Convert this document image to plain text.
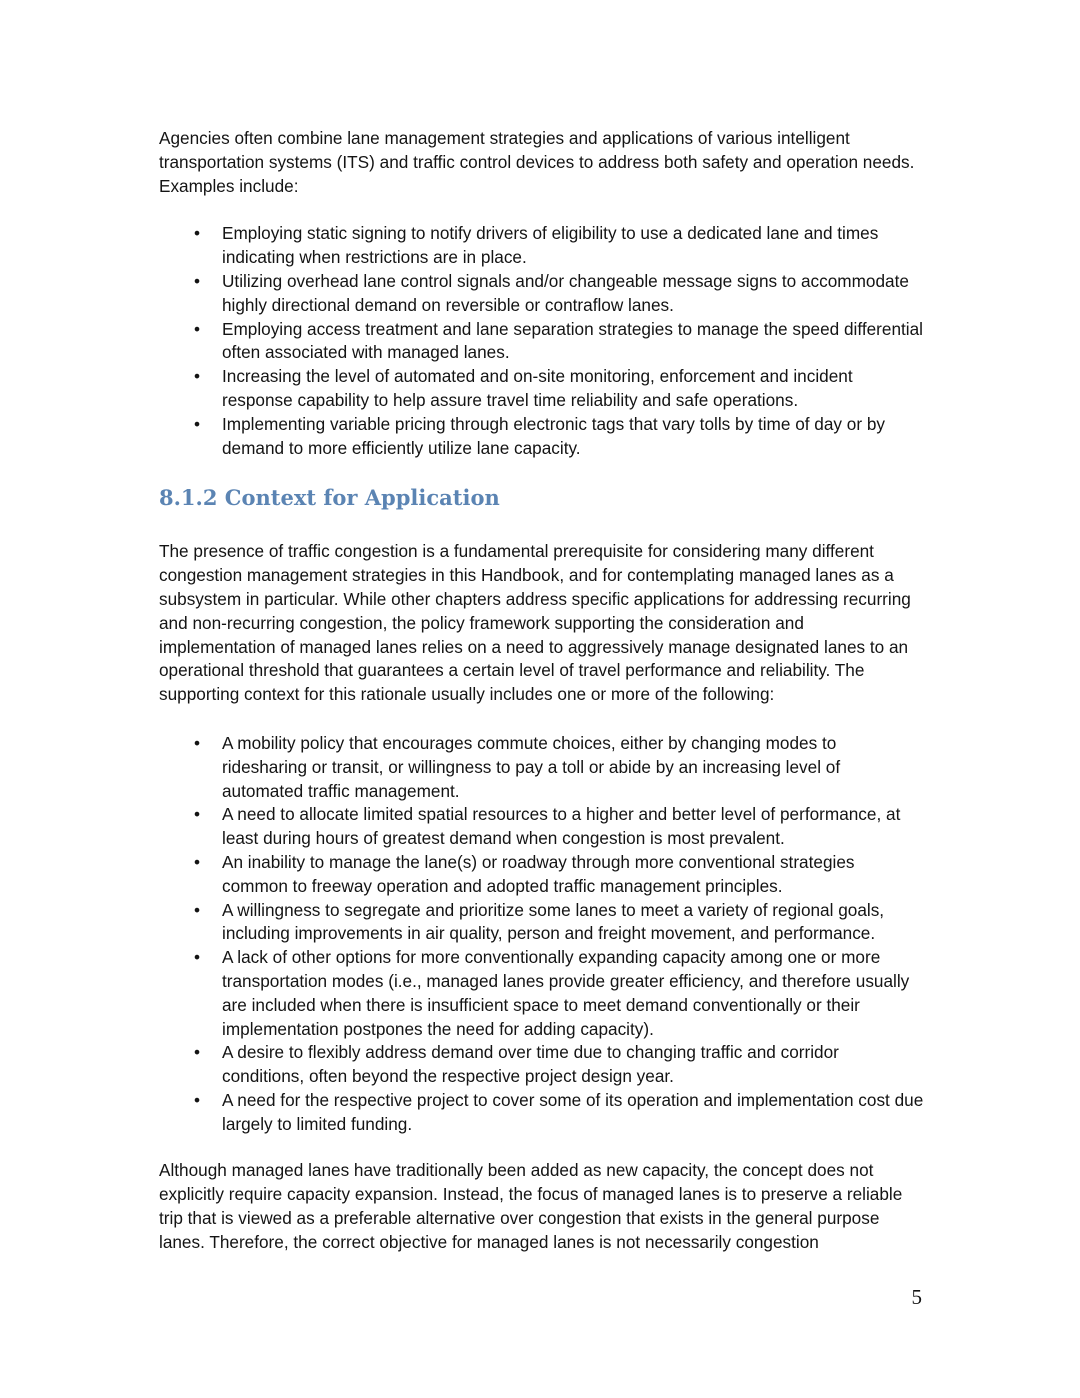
Agencies often combine lane management strategies and applications of various intelligent transportation systems (ITS) and traffic control devices to address both safety and operation needs. Examples include:

• Employing static signing to notify drivers of eligibility to use a dedicated lane and times indicating when restrictions are in place.
• Utilizing overhead lane control signals and/or changeable message signs to accommodate highly directional demand on reversible or contraflow lanes.
• Employing access treatment and lane separation strategies to manage the speed differential often associated with managed lanes.
• Increasing the level of automated and on-site monitoring, enforcement and incident response capability to help assure travel time reliability and safe operations.
• Implementing variable pricing through electronic tags that vary tolls by time of day or by demand to more efficiently utilize lane capacity.
8.1.2 Context for Application

The presence of traffic congestion is a fundamental prerequisite for considering many different congestion management strategies in this Handbook, and for contemplating managed lanes as a subsystem in particular. While other chapters address specific applications for addressing recurring and non-recurring congestion, the policy framework supporting the consideration and implementation of managed lanes relies on a need to aggressively manage designated lanes to an operational threshold that guarantees a certain level of travel performance and reliability. The supporting context for this rationale usually includes one or more of the following:

• A mobility policy that encourages commute choices, either by changing modes to ridesharing or transit, or willingness to pay a toll or abide by an increasing level of automated traffic management.
• A need to allocate limited spatial resources to a higher and better level of performance, at least during hours of greatest demand when congestion is most prevalent.
• An inability to manage the lane(s) or roadway through more conventional strategies common to freeway operation and adopted traffic management principles.
• A willingness to segregate and prioritize some lanes to meet a variety of regional goals, including improvements in air quality, person and freight movement, and performance.
• A lack of other options for more conventionally expanding capacity among one or more transportation modes (i.e., managed lanes provide greater efficiency, and therefore usually are included when there is insufficient space to meet demand conventionally or their implementation postpones the need for adding capacity).
• A desire to flexibly address demand over time due to changing traffic and corridor conditions, often beyond the respective project design year.
• A need for the respective project to cover some of its operation and implementation cost due largely to limited funding.

Although managed lanes have traditionally been added as new capacity, the concept does not explicitly require capacity expansion. Instead, the focus of managed lanes is to preserve a reliable trip that is viewed as a preferable alternative over congestion that exists in the general purpose lanes. Therefore, the correct objective for managed lanes is not necessarily congestion

5
